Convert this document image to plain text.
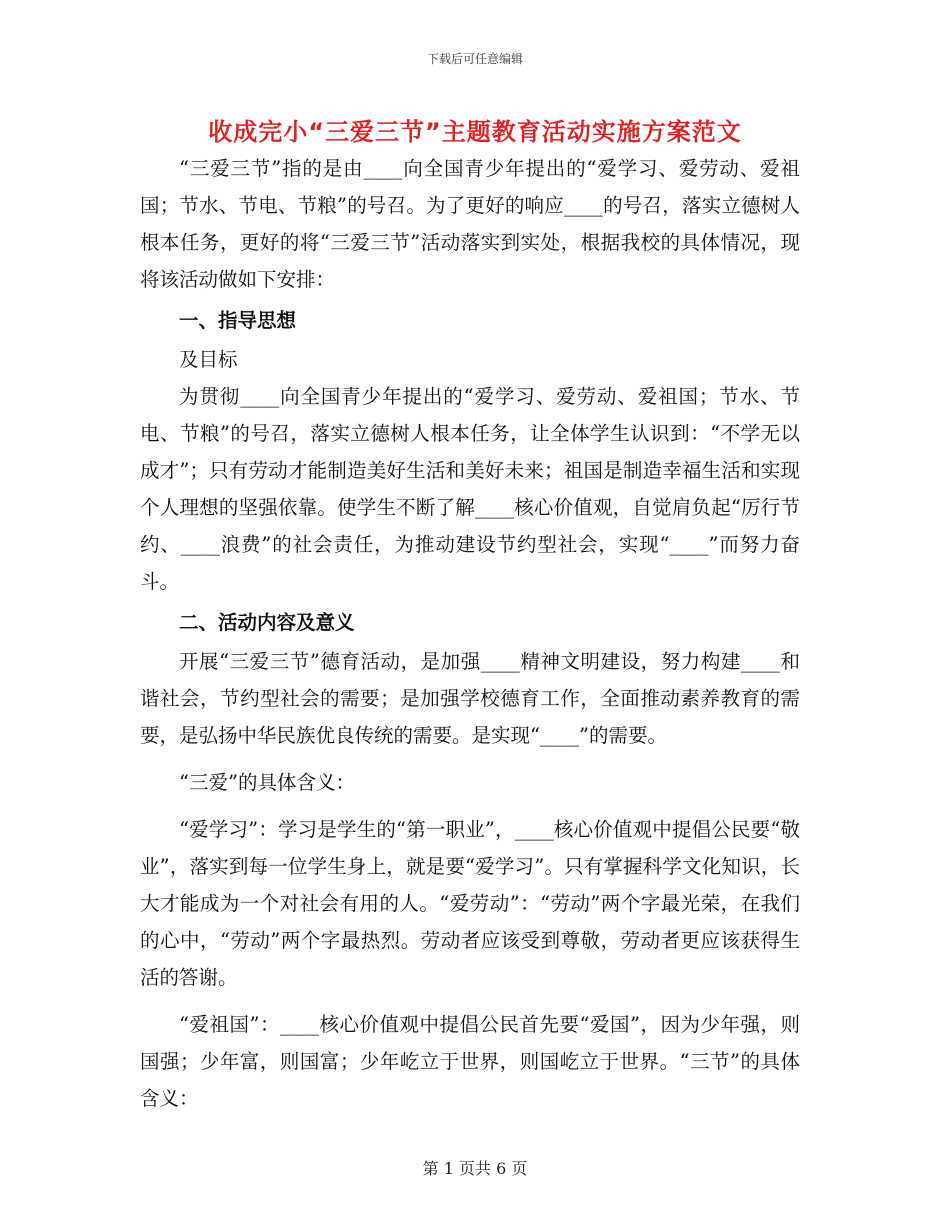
下载后可任意编辑
收成完小“三爱三节”主题教育活动实施方案范文

“三爱三节”指的是由____向全国青少年提出的“爱学习、爱劳动、爱祖国；节水、节电、节粮”的号召。为了更好的响应____的号召，落实立德树人根本任务，更好的将“三爱三节”活动落实到实处，根据我校的具体情况，现将该活动做如下安排：

一、指导思想

及目标

为贯彻____向全国青少年提出的“爱学习、爱劳动、爱祖国；节水、节电、节粮”的号召，落实立德树人根本任务，让全体学生认识到：“不学无以成才”；只有劳动才能制造美好生活和美好未来；祖国是制造幸福生活和实现个人理想的坚强依靠。使学生不断了解____核心价值观，自觉肩负起“厉行节约、____浪费”的社会责任，为推动建设节约型社会，实现“____”而努力奋斗。

二、活动内容及意义

开展“三爱三节”德育活动，是加强____精神文明建设，努力构建____和谐社会，节约型社会的需要；是加强学校德育工作，全面推动素养教育的需要，是弘扬中华民族优良传统的需要。是实现“____”的需要。

“三爱”的具体含义：

“爱学习”：学习是学生的“第一职业”，____核心价值观中提倡公民要“敬业”，落实到每一位学生身上，就是要“爱学习”。只有掌握科学文化知识，长大才能成为一个对社会有用的人。“爱劳动”：“劳动”两个字最光荣，在我们的心中，“劳动”两个字最热烈。劳动者应该受到尊敬，劳动者更应该获得生活的答谢。

“爱祖国”：____核心价值观中提倡公民首先要“爱国”，因为少年强，则国强；少年富，则国富；少年屹立于世界，则国屹立于世界。“三节”的具体含义：

第 1 页共 6 页
